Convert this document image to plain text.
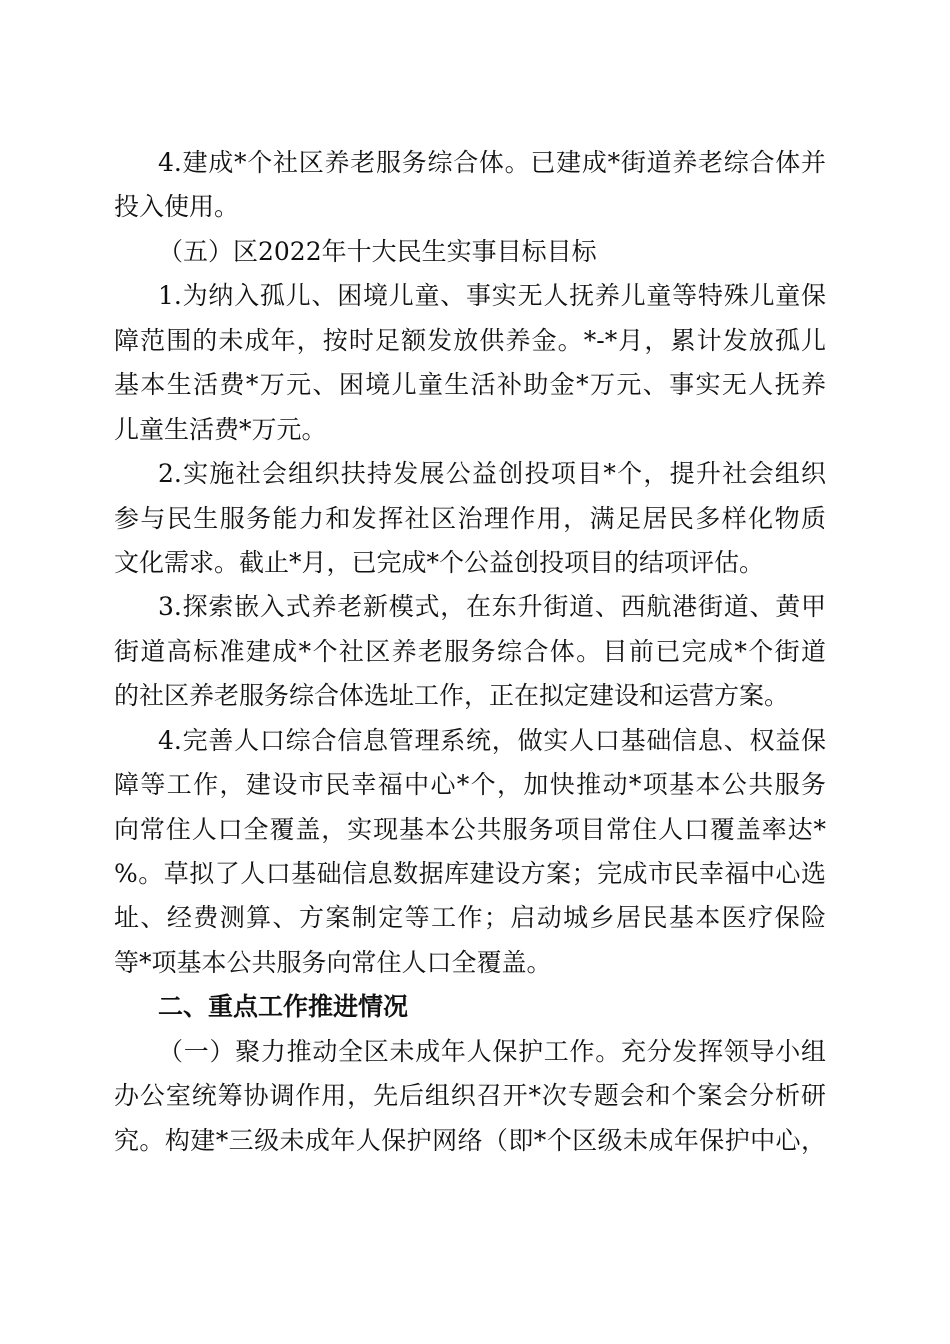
4.建成*个社区养老服务综合体。已建成*街道养老综合体并
投入使用。
（五）区2022年十大民生实事目标目标
1.为纳入孤儿、困境儿童、事实无人抚养儿童等特殊儿童保
障范围的未成年，按时足额发放供养金。*-*月，累计发放孤儿
基本生活费*万元、困境儿童生活补助金*万元、事实无人抚养
儿童生活费*万元。
2.实施社会组织扶持发展公益创投项目*个，提升社会组织
参与民生服务能力和发挥社区治理作用，满足居民多样化物质
文化需求。截止*月，已完成*个公益创投项目的结项评估。
3.探索嵌入式养老新模式，在东升街道、西航港街道、黄甲
街道高标准建成*个社区养老服务综合体。目前已完成*个街道
的社区养老服务综合体选址工作，正在拟定建设和运营方案。
4.完善人口综合信息管理系统，做实人口基础信息、权益保
障等工作，建设市民幸福中心*个，加快推动*项基本公共服务
向常住人口全覆盖，实现基本公共服务项目常住人口覆盖率达*
%。草拟了人口基础信息数据库建设方案；完成市民幸福中心选
址、经费测算、方案制定等工作；启动城乡居民基本医疗保险
等*项基本公共服务向常住人口全覆盖。
二、重点工作推进情况
（一）聚力推动全区未成年人保护工作。充分发挥领导小组
办公室统筹协调作用，先后组织召开*次专题会和个案会分析研
究。构建*三级未成年人保护网络（即*个区级未成年保护中心，
